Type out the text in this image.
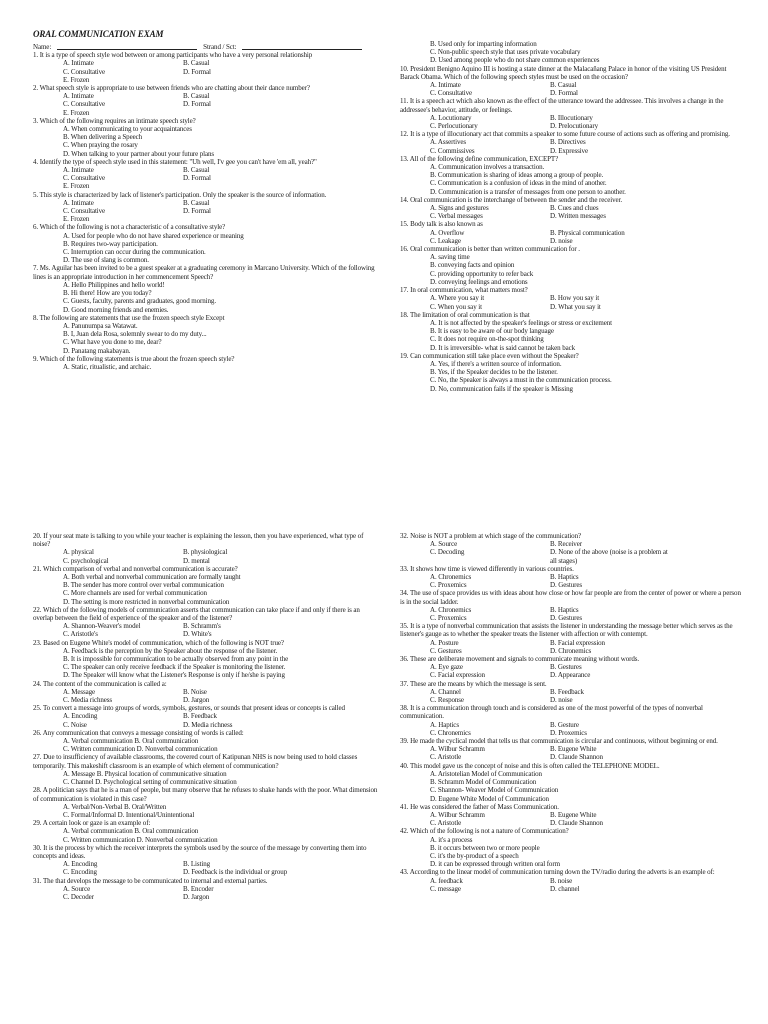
ORAL COMMUNICATION EXAM
Name:	Strand / Sct:
1. It is a type of speech style wod between or among participants who have a very personal relationship
A. Intimate	B. Casual
C. Consultative	D. Formal
E. Frozen
2. What speech style is appropriate to use between friends who are chatting about their dance number?
A. Intimate	B. Casual
C. Consultative	D. Formal
E. Frozen
3. Which of the following requires an intimate speech style?
A. When communicating to your acquaintances
B. When delivering a Speech
C. When praying the rosary
D. When talking to your partner about your future plans
4. Identify the type of speech style used in this statement: "Uh well, I'v gee you can't have 'em all, yeah?"
A. Intimate	B. Casual
C. Consultative	D. Formal
E. Frozen
5. This style is characterized by lack of listener's participation. Only the speaker is the source of information.
A. Intimate	B. Casual
C. Consultative	D. Formal
E. Frozen
6. Which of the following is not a characteristic of a consultative style?
A. Used for people who do not have shared experience or meaning
B. Requires two-way participation.
C. Interruption can occur during the communication.
D. The use of slang is common.
7. Ms. Aguilar has been invited to be a guest speaker at a graduating ceremony in Marcano University. Which of the following lines is an appropriate introduction in her commencement Speech?
A. Hello Philippines and hello world!
B. Hi there! How are you today?
C. Guests, faculty, parents and graduates, good morning.
D. Good morning friends and enemies.
8. The following are statements that use the frozen speech style Except
A. Panunumpa sa Watawat.
B. I, Juan dela Rosa, solemnly swear to do my duty...
C. What have you done to me, dear?
D. Panatang makabayan.
9. Which of the following statements is true about the frozen speech style?
A. Static, ritualistic, and archaic.
B. Used only for imparting information
C. Non-public speech style that uses private vocabulary
D. Used among people who do not share common experiences
10. President Benigno Aquino III is hosting a state dinner at the Malacañang Palace in honor of the visiting US President Barack Obama. Which of the following speech styles must be used on the occasion?
A. Intimate	B. Casual
C. Consultative	D. Formal
11. It is a speech act which also known as the effect of the utterance toward the addressee. This involves a change in the addressee's behavior, attitude, or feelings.
A. Locutionary	B. Illocutionary
C. Perlocutionary	D. Prelocutionary
12. It is a type of illocutionary act that commits a speaker to some future course of actions such as offering and promising.
A. Assertives	B. Directives
C. Commissives	D. Expressive
13. All of the following define communication, EXCEPT?
A. Communication involves a transaction.
B. Communication is sharing of ideas among a group of people.
C. Communication is a confusion of ideas in the mind of another.
D. Communication is a transfer of messages from one person to another.
14. Oral communication is the interchange of between the sender and the receiver.
A. Signs and gestures	B. Cues and clues
C. Verbal messages	D. Written messages
15. Body talk is also known as
A. Overflow	B. Physical communication
C. Leakage	D. noise
16. Oral communication is better than written communication for .
A. saving time
B. conveying facts and opinion
C. providing opportunity to refer back
D. conveying feelings and emotions
17. In oral communication, what matters most?
A. Where you say it	B. How you say it
C. When you say it	D. What you say it
18. The limitation of oral communication is that
A. It is not affected by the speaker's feelings or stress or excitement
B. It is easy to be aware of our body language
C. It does not require on-the-spot thinking
D. It is irreversible- what is said cannot be taken back
19. Can communication still take place even without the Speaker?
A. Yes, if there's a written source of information.
B. Yes, if the Speaker decides to be the listener.
C. No, the Speaker is always a must in the communication process.
D. No, communication fails if the speaker is Missing
20. If your seat mate is talking to you while your teacher is explaining the lesson, then you have experienced, what type of noise?
A. physical	B. physiological
C. psychological	D. mental
21. Which comparison of verbal and nonverbal communication is accurate?
A. Both verbal and nonverbal communication are formally taught
B. The sender has more control over verbal communication
C. More channels are used for verbal communication
D. The setting is more restricted in nonverbal communication
22. Which of the following models of communication asserts that communication can take place if and only if there is an overlap between the field of experience of the speaker and of the listener?
A. Shannon-Weaver's model	B. Schramm's
C. Aristotle's	D. White's
23. Based on Eugene White's model of communication, which of the following is NOT true?
A. Feedback is the perception by the Speaker about the response of the listener.
B. It is impossible for communication to be actually observed from any point in the
C. The speaker can only receive feedback if the Speaker is monitoring the listener.
D. The Speaker will know what the Listener's Response is only if he/she is paying
24. The content of the communication is called a:
A. Message	B. Noise
C. Media richness	D. Jargon
25. To convert a message into groups of words, symbols, gestures, or sounds that present ideas or concepts is called
A. Encoding	B. Feedback
C. Noise	D. Media richness
26. Any communication that conveys a message consisting of words is called:
A. Verbal communication B. Oral communication
C. Written communication D. Nonverbal communication
27. Due to insufficiency of available classrooms, the covered court of Katipunan NHS is now being used to hold classes temporarily. This makeshift classroom is an example of which element of communication?
A. Message B. Physical location of communicative situation
C. Channel D. Psychological setting of communicative situation
28. A politician says that he is a man of people, but many observe that he refuses to shake hands with the poor. What dimension of communication is violated in this case?
A. Verbal/Non-Verbal B. Oral/Written
C. Formal/Informal D. Intentional/Unintentional
29. A certain look or gaze is an example of:
A. Verbal communication B. Oral communication
C. Written communication D. Nonverbal communication
30. It is the process by which the receiver interprets the symbols used by the source of the message by converting them into concepts and ideas.
A. Encoding	B. Listing
C. Encoding	D. Feedback is the individual or group
31. The that develops the message to be communicated to internal and external parties.
A. Source	B. Encoder
C. Decoder	D. Jargon
32. Noise is NOT a problem at which stage of the communication?
A. Source	B. Receiver
C. Decoding	D. None of the above (noise is a problem at all stages)
33. It shows how time is viewed differently in various countries.
A. Chronemics	B. Haptics
C. Proxemics	D. Gestures
34. The use of space provides us with ideas about how close or how far people are from the center of power or where a person is in the social ladder.
A. Chronemics	B. Haptics
C. Proxemics	D. Gestures
35. It is a type of nonverbal communication that assists the listener in understanding the message better which serves as the listener's gauge as to whether the speaker treats the listener with affection or with contempt.
A. Posture	B. Facial expression
C. Gestures	D. Chronemics
36. These are deliberate movement and signals to communicate meaning without words.
A. Eye gaze	B. Gestures
C. Facial expression	D. Appearance
37. These are the means by which the message is sent.
A. Channel	B. Feedback
C. Response	D. noise
38. It is a communication through touch and is considered as one of the most powerful of the types of nonverbal communication.
A. Haptics	B. Gesture
C. Chronemics	D. Proxemics
39. He made the cyclical model that tells us that communication is circular and continuous, without beginning or end.
A. Wilbur Schramm	B. Eugene White
C. Aristotle	D. Claude Shannon
40. This model gave us the concept of noise and this is often called the TELEPHONE MODEL.
A. Aristotelian Model of Communication
B. Schramm Model of Communication
C. Shannon- Weaver Model of Communication
D. Eugene White Model of Communication
41. He was considered the father of Mass Communication.
A. Wilbur Schramm	B. Eugene White
C. Aristotle	D. Claude Shannon
42. Which of the following is not a nature of Communication?
A. it's a process
B. it occurs between two or more people
C. it's the by-product of a speech
D. it can be expressed through written oral form
43. According to the linear model of communication turning down the TV/radio during the adverts is an example of:
A. feedback	B. noise
C. message	D. channel
